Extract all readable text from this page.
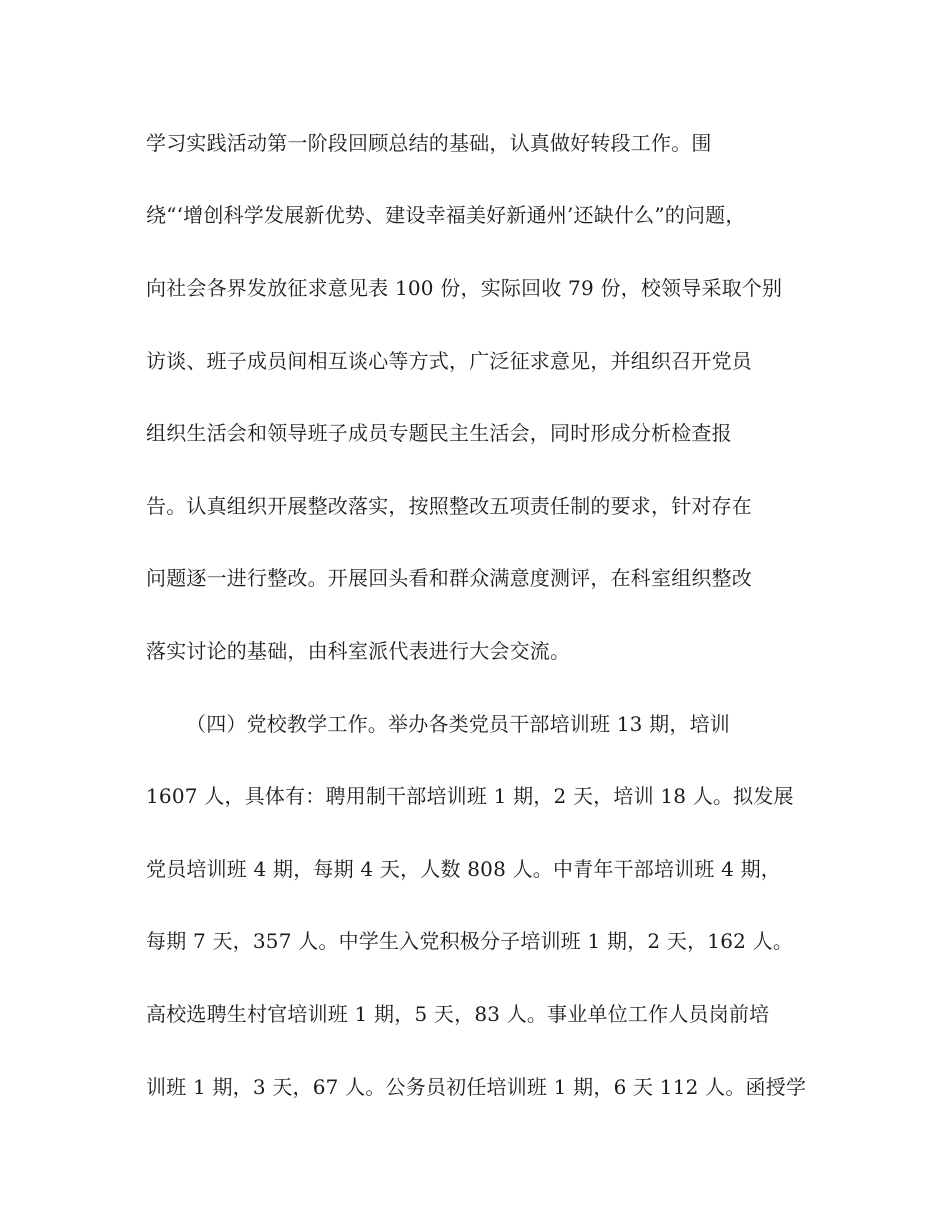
学习实践活动第一阶段回顾总结的基础，认真做好转段工作。围
绕“‘增创科学发展新优势、建设幸福美好新通州’还缺什么”的问题，
向社会各界发放征求意见表 100 份，实际回收 79 份，校领导采取个别
访谈、班子成员间相互谈心等方式，广泛征求意见，并组织召开党员
组织生活会和领导班子成员专题民主生活会，同时形成分析检查报
告。认真组织开展整改落实，按照整改五项责任制的要求，针对存在
问题逐一进行整改。开展回头看和群众满意度测评，在科室组织整改
落实讨论的基础，由科室派代表进行大会交流。
（四）党校教学工作。举办各类党员干部培训班 13 期，培训
1607 人，具体有：聘用制干部培训班 1 期，2 天，培训 18 人。拟发展
党员培训班 4 期，每期 4 天，人数 808 人。中青年干部培训班 4 期，
每期 7 天，357 人。中学生入党积极分子培训班 1 期，2 天，162 人。
高校选聘生村官培训班 1 期，5 天，83 人。事业单位工作人员岗前培
训班 1 期，3 天，67 人。公务员初任培训班 1 期，6 天 112 人。函授学
